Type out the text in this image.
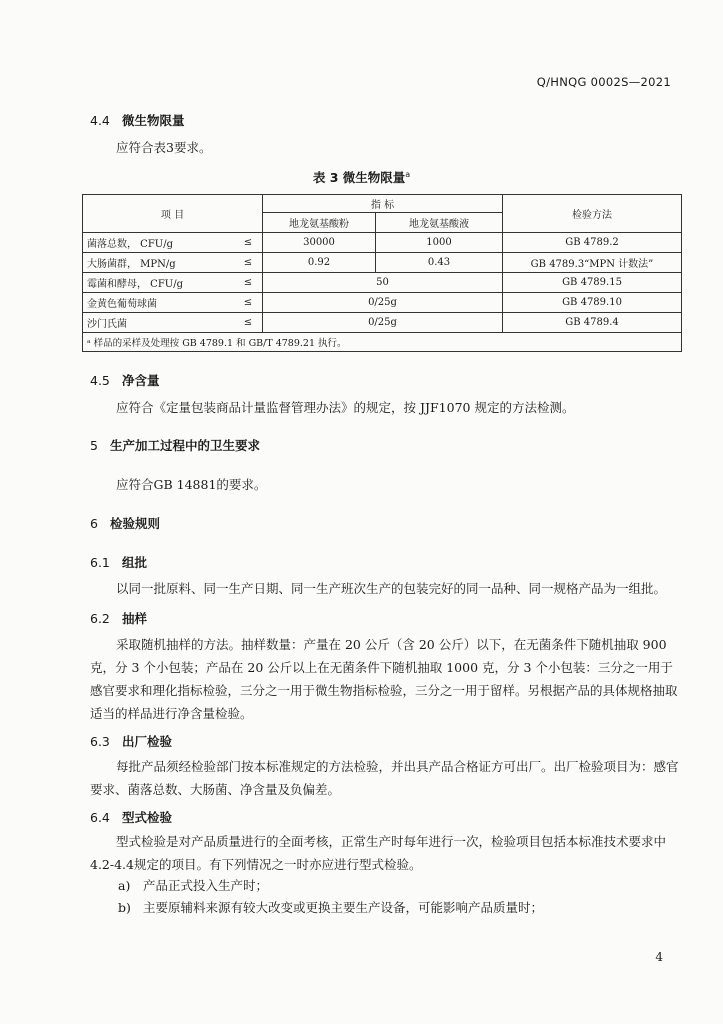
Q/HNQG 0002S—2021
4.4 微生物限量
应符合表3要求。
表 3 微生物限量$^a$
项 目		指 标		检验方法
		地龙氨基酸粉	地龙氨基酸液	
菌落总数， CFU/g	≤	30000	1000	GB 4789.2
大肠菌群， MPN/g	≤	0.92	0.43	GB 4789.3“MPN 计数法”
霉菌和酵母， CFU/g	≤	50		GB 4789.15
金黄色葡萄球菌	≤	0/25g		GB 4789.10
沙门氏菌	≤	0/25g		GB 4789.4
ᵃ 样品的采样及处理按 GB 4789.1 和 GB/T 4789.21 执行。				
4.5 净含量
应符合《定量包装商品计量监督管理办法》的规定，按 JJF1070 规定的方法检测。
5 生产加工过程中的卫生要求
应符合GB 14881的要求。
6 检验规则
6.1 组批
以同一批原料、同一生产日期、同一生产班次生产的包装完好的同一品种、同一规格产品为一组批。
6.2 抽样
采取随机抽样的方法。抽样数量：产量在 20 公斤（含 20 公斤）以下，在无菌条件下随机抽取 900 克，分 3 个小包装；产品在 20 公斤以上在无菌条件下随机抽取 1000 克，分 3 个小包装：三分之一用于感官要求和理化指标检验，三分之一用于微生物指标检验，三分之一用于留样。另根据产品的具体规格抽取适当的样品进行净含量检验。
6.3 出厂检验
每批产品须经检验部门按本标准规定的方法检验，并出具产品合格证方可出厂。出厂检验项目为：感官要求、菌落总数、大肠菌、净含量及负偏差。
6.4 型式检验
型式检验是对产品质量进行的全面考核，正常生产时每年进行一次，检验项目包括本标准技术要求中4.2-4.4规定的项目。有下列情况之一时亦应进行型式检验。
a) 产品正式投入生产时；
b) 主要原辅料来源有较大改变或更换主要生产设备，可能影响产品质量时；
4
